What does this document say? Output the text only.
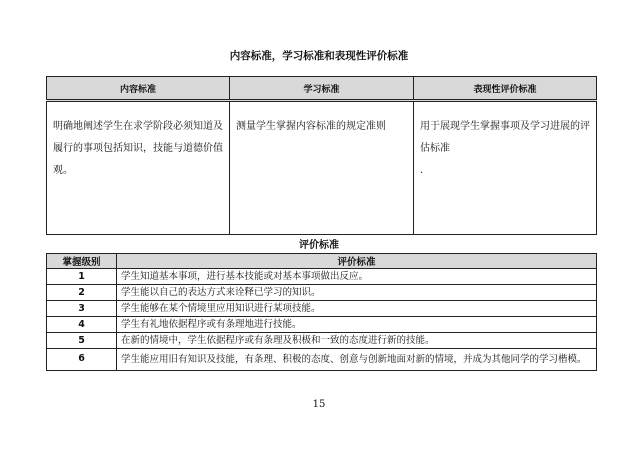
内容标准，学习标准和表现性评价标准
内容标准	学习标准	表现性评价标准
明确地阐述学生在求学阶段必须知道及履行的事项包括知识，技能与道德价值观。	测量学生掌握内容标准的规定准则	用于展现学生掌握事项及学习进展的评估标准
.
评价标准
掌握级别	评价标准
1	学生知道基本事项，进行基本技能或对基本事项做出反应。
2	学生能以自己的表达方式来诠释已学习的知识。
3	学生能够在某个情境里应用知识进行某项技能。
4	学生有礼地依据程序或有条理地进行技能。
5	在新的情境中，学生依据程序或有条理及积极和一致的态度进行新的技能。
6	学生能应用旧有知识及技能，有条理、积极的态度、创意与创新地面对新的情境，并成为其他同学的学习楷模。
15
